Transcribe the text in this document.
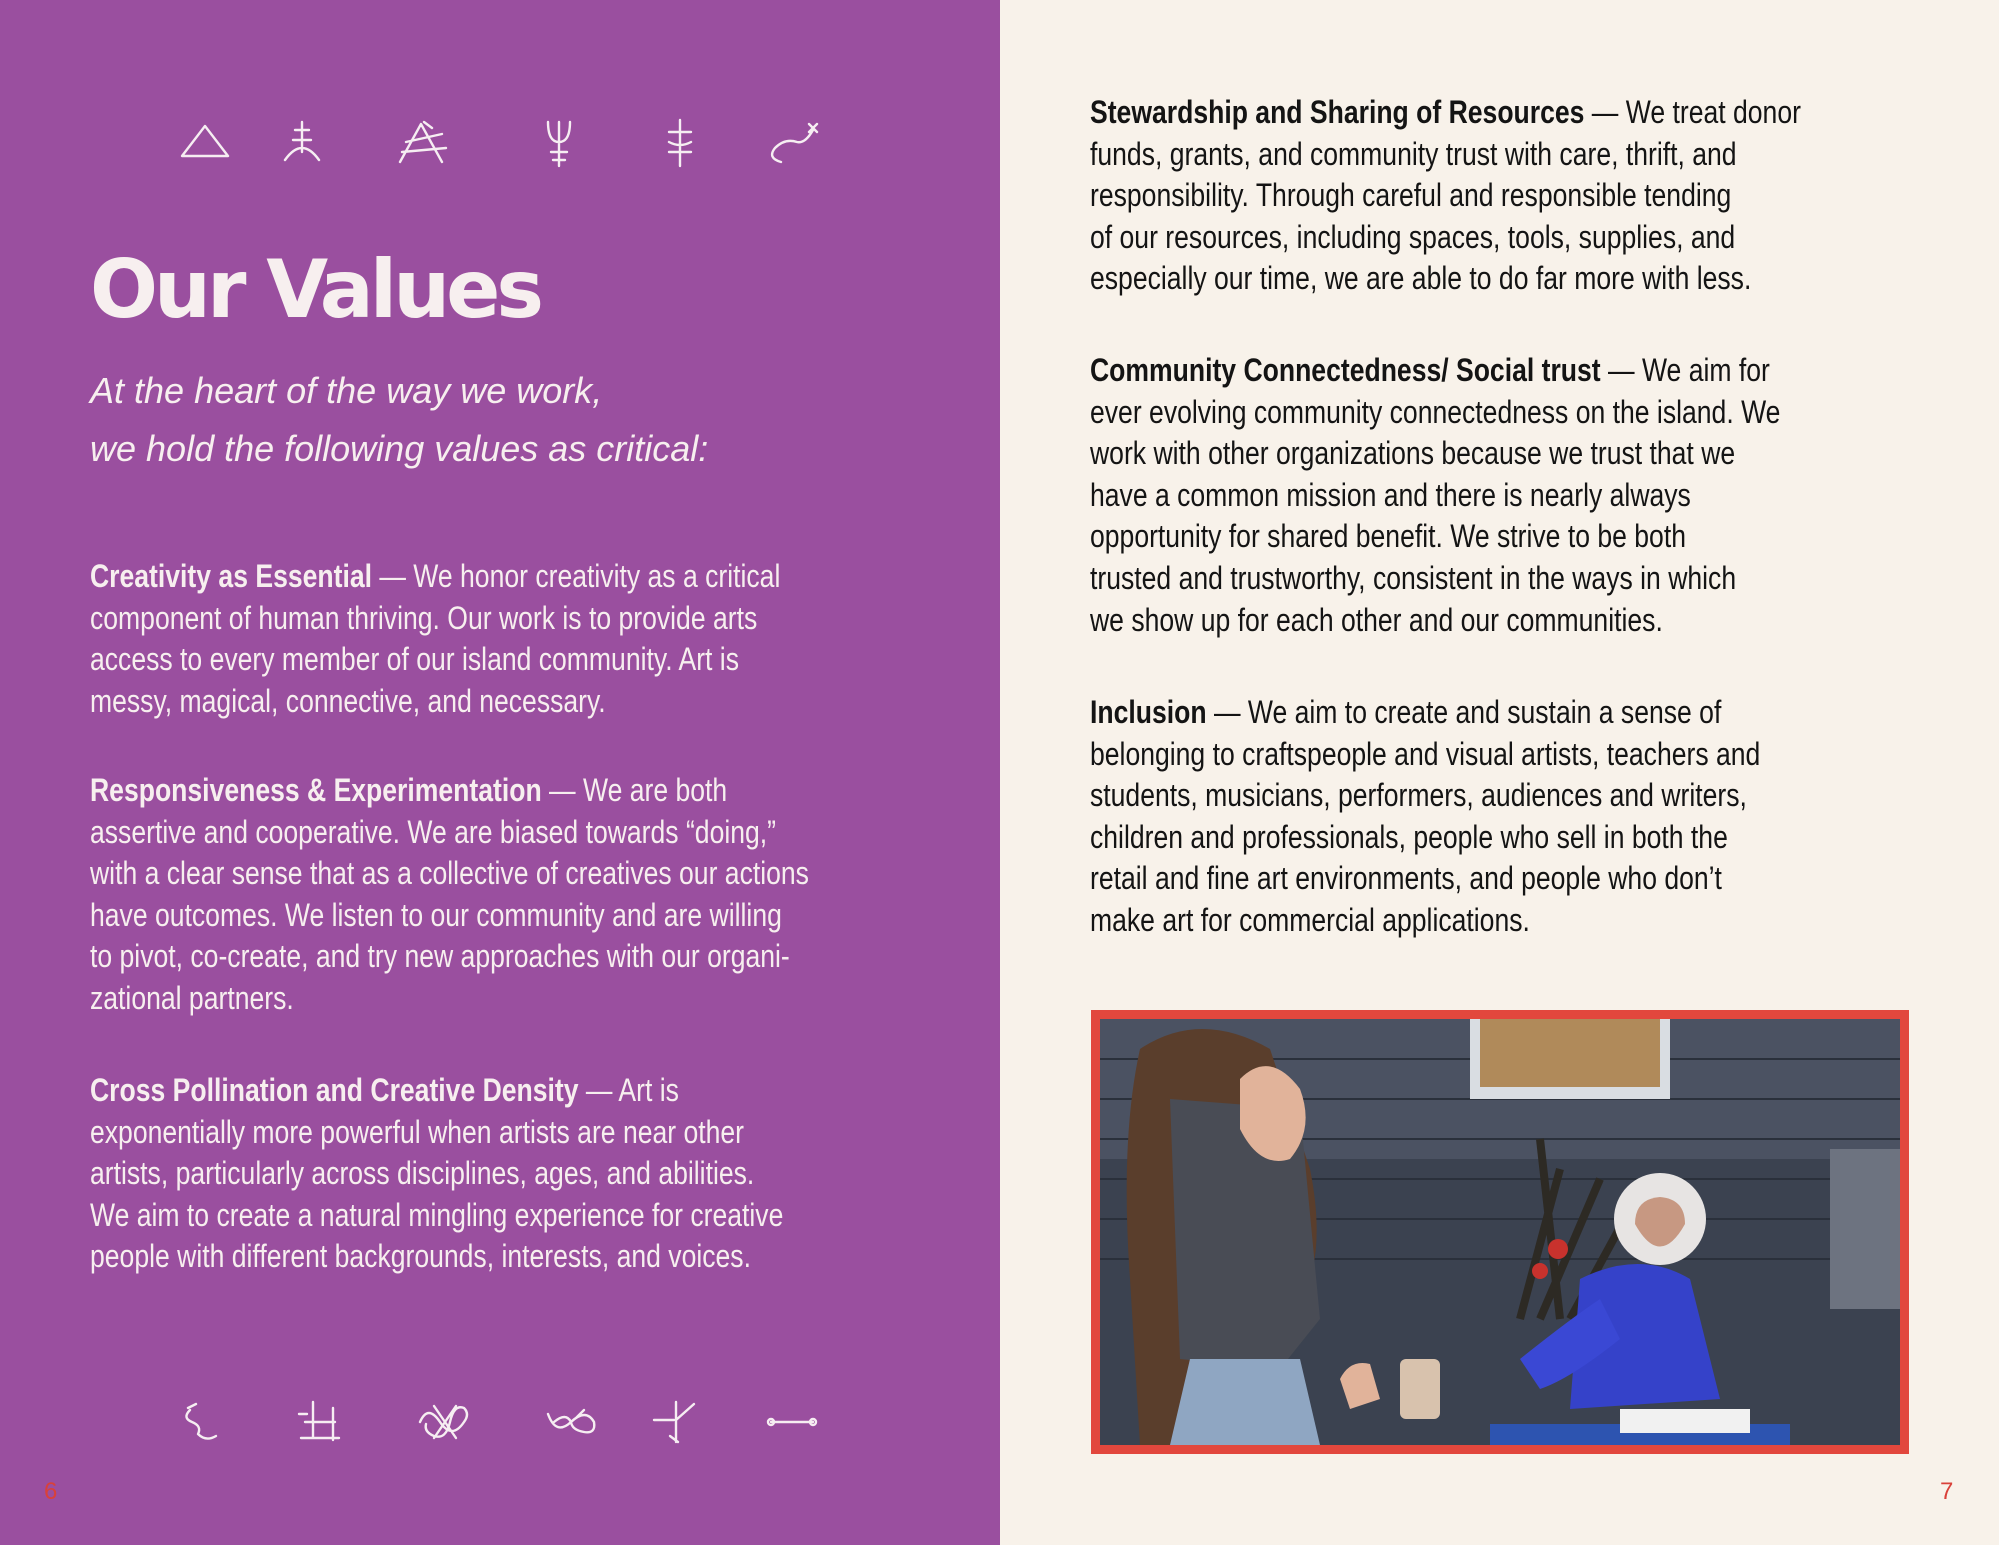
Our Values
At the heart of the way we work,
we hold the following values as critical:

Creativity as Essential — We honor creativity as a critical
component of human thriving. Our work is to provide arts
access to every member of our island community. Art is
messy, magical, connective, and necessary.

Responsiveness & Experimentation — We are both
assertive and cooperative. We are biased towards “doing,”
with a clear sense that as a collective of creatives our actions
have outcomes. We listen to our community and are willing
to pivot, co-create, and try new approaches with our organi-
zational partners.

Cross Pollination and Creative Density — Art is
exponentially more powerful when artists are near other
artists, particularly across disciplines, ages, and abilities.
We aim to create a natural mingling experience for creative
people with different backgrounds, interests, and voices.

6	7

Stewardship and Sharing of Resources — We treat donor
funds, grants, and community trust with care, thrift, and
responsibility. Through careful and responsible tending
of our resources, including spaces, tools, supplies, and
especially our time, we are able to do far more with less.

Community Connectedness/ Social trust — We aim for
ever evolving community connectedness on the island. We
work with other organizations because we trust that we
have a common mission and there is nearly always
opportunity for shared benefit. We strive to be both
trusted and trustworthy, consistent in the ways in which
we show up for each other and our communities.

Inclusion — We aim to create and sustain a sense of
belonging to craftspeople and visual artists, teachers and
students, musicians, performers, audiences and writers,
children and professionals, people who sell in both the
retail and fine art environments, and people who don’t
make art for commercial applications.
